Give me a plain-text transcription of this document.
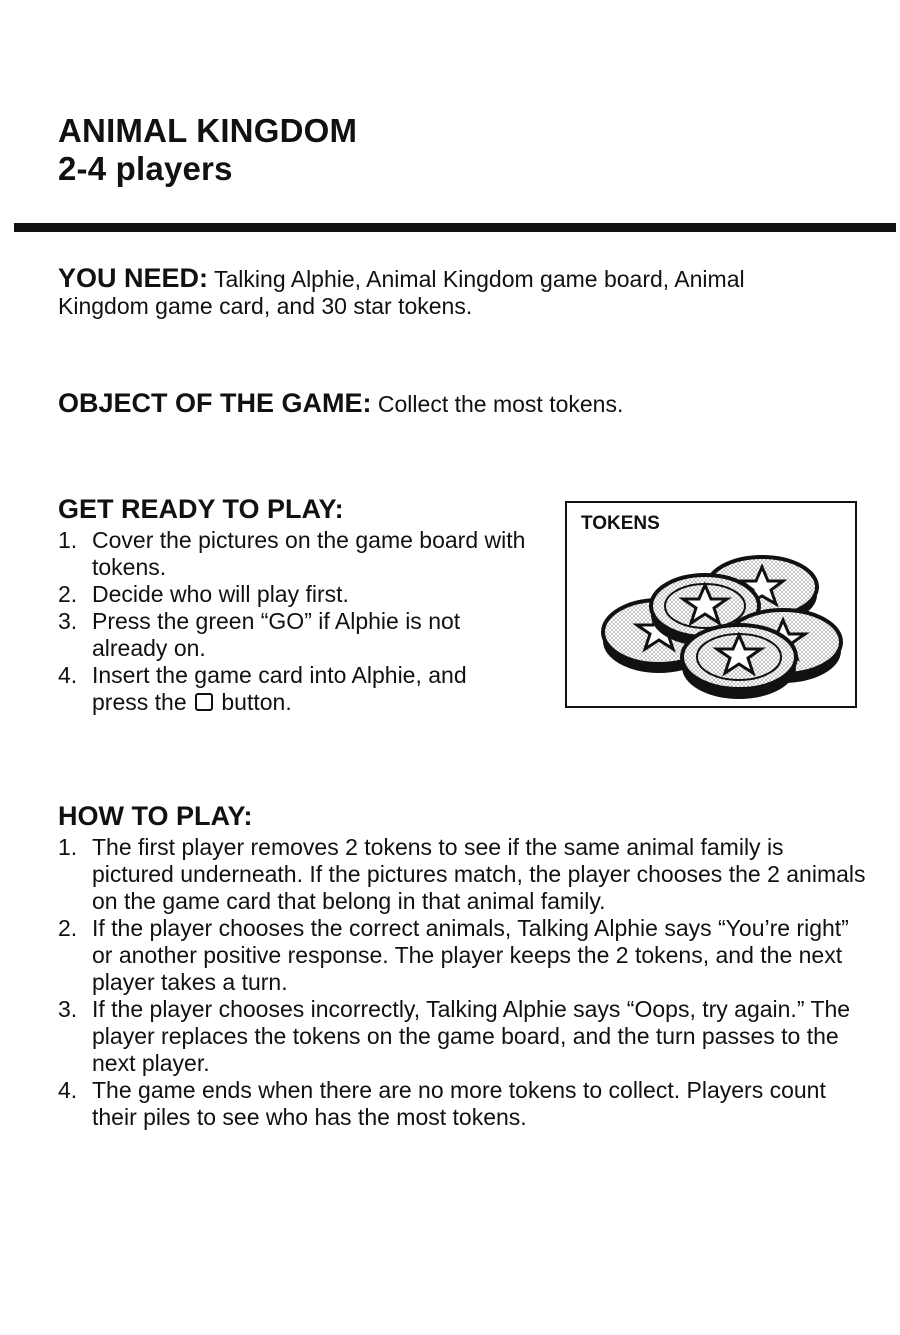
ANIMAL KINGDOM
2-4 players
YOU NEED: Talking Alphie, Animal Kingdom game board, Animal Kingdom game card, and 30 star tokens.
OBJECT OF THE GAME: Collect the most tokens.
GET READY TO PLAY:
1. Cover the pictures on the game board with tokens.
2. Decide who will play first.
3. Press the green “GO” if Alphie is not already on.
4. Insert the game card into Alphie, and press the button.
TOKENS
HOW TO PLAY:
1. The first player removes 2 tokens to see if the same animal family is pictured underneath. If the pictures match, the player chooses the 2 animals on the game card that belong in that animal family.
2. If the player chooses the correct animals, Talking Alphie says “You’re right” or another positive response. The player keeps the 2 tokens, and the next player takes a turn.
3. If the player chooses incorrectly, Talking Alphie says “Oops, try again.” The player replaces the tokens on the game board, and the turn passes to the next player.
4. The game ends when there are no more tokens to collect. Players count their piles to see who has the most tokens.
